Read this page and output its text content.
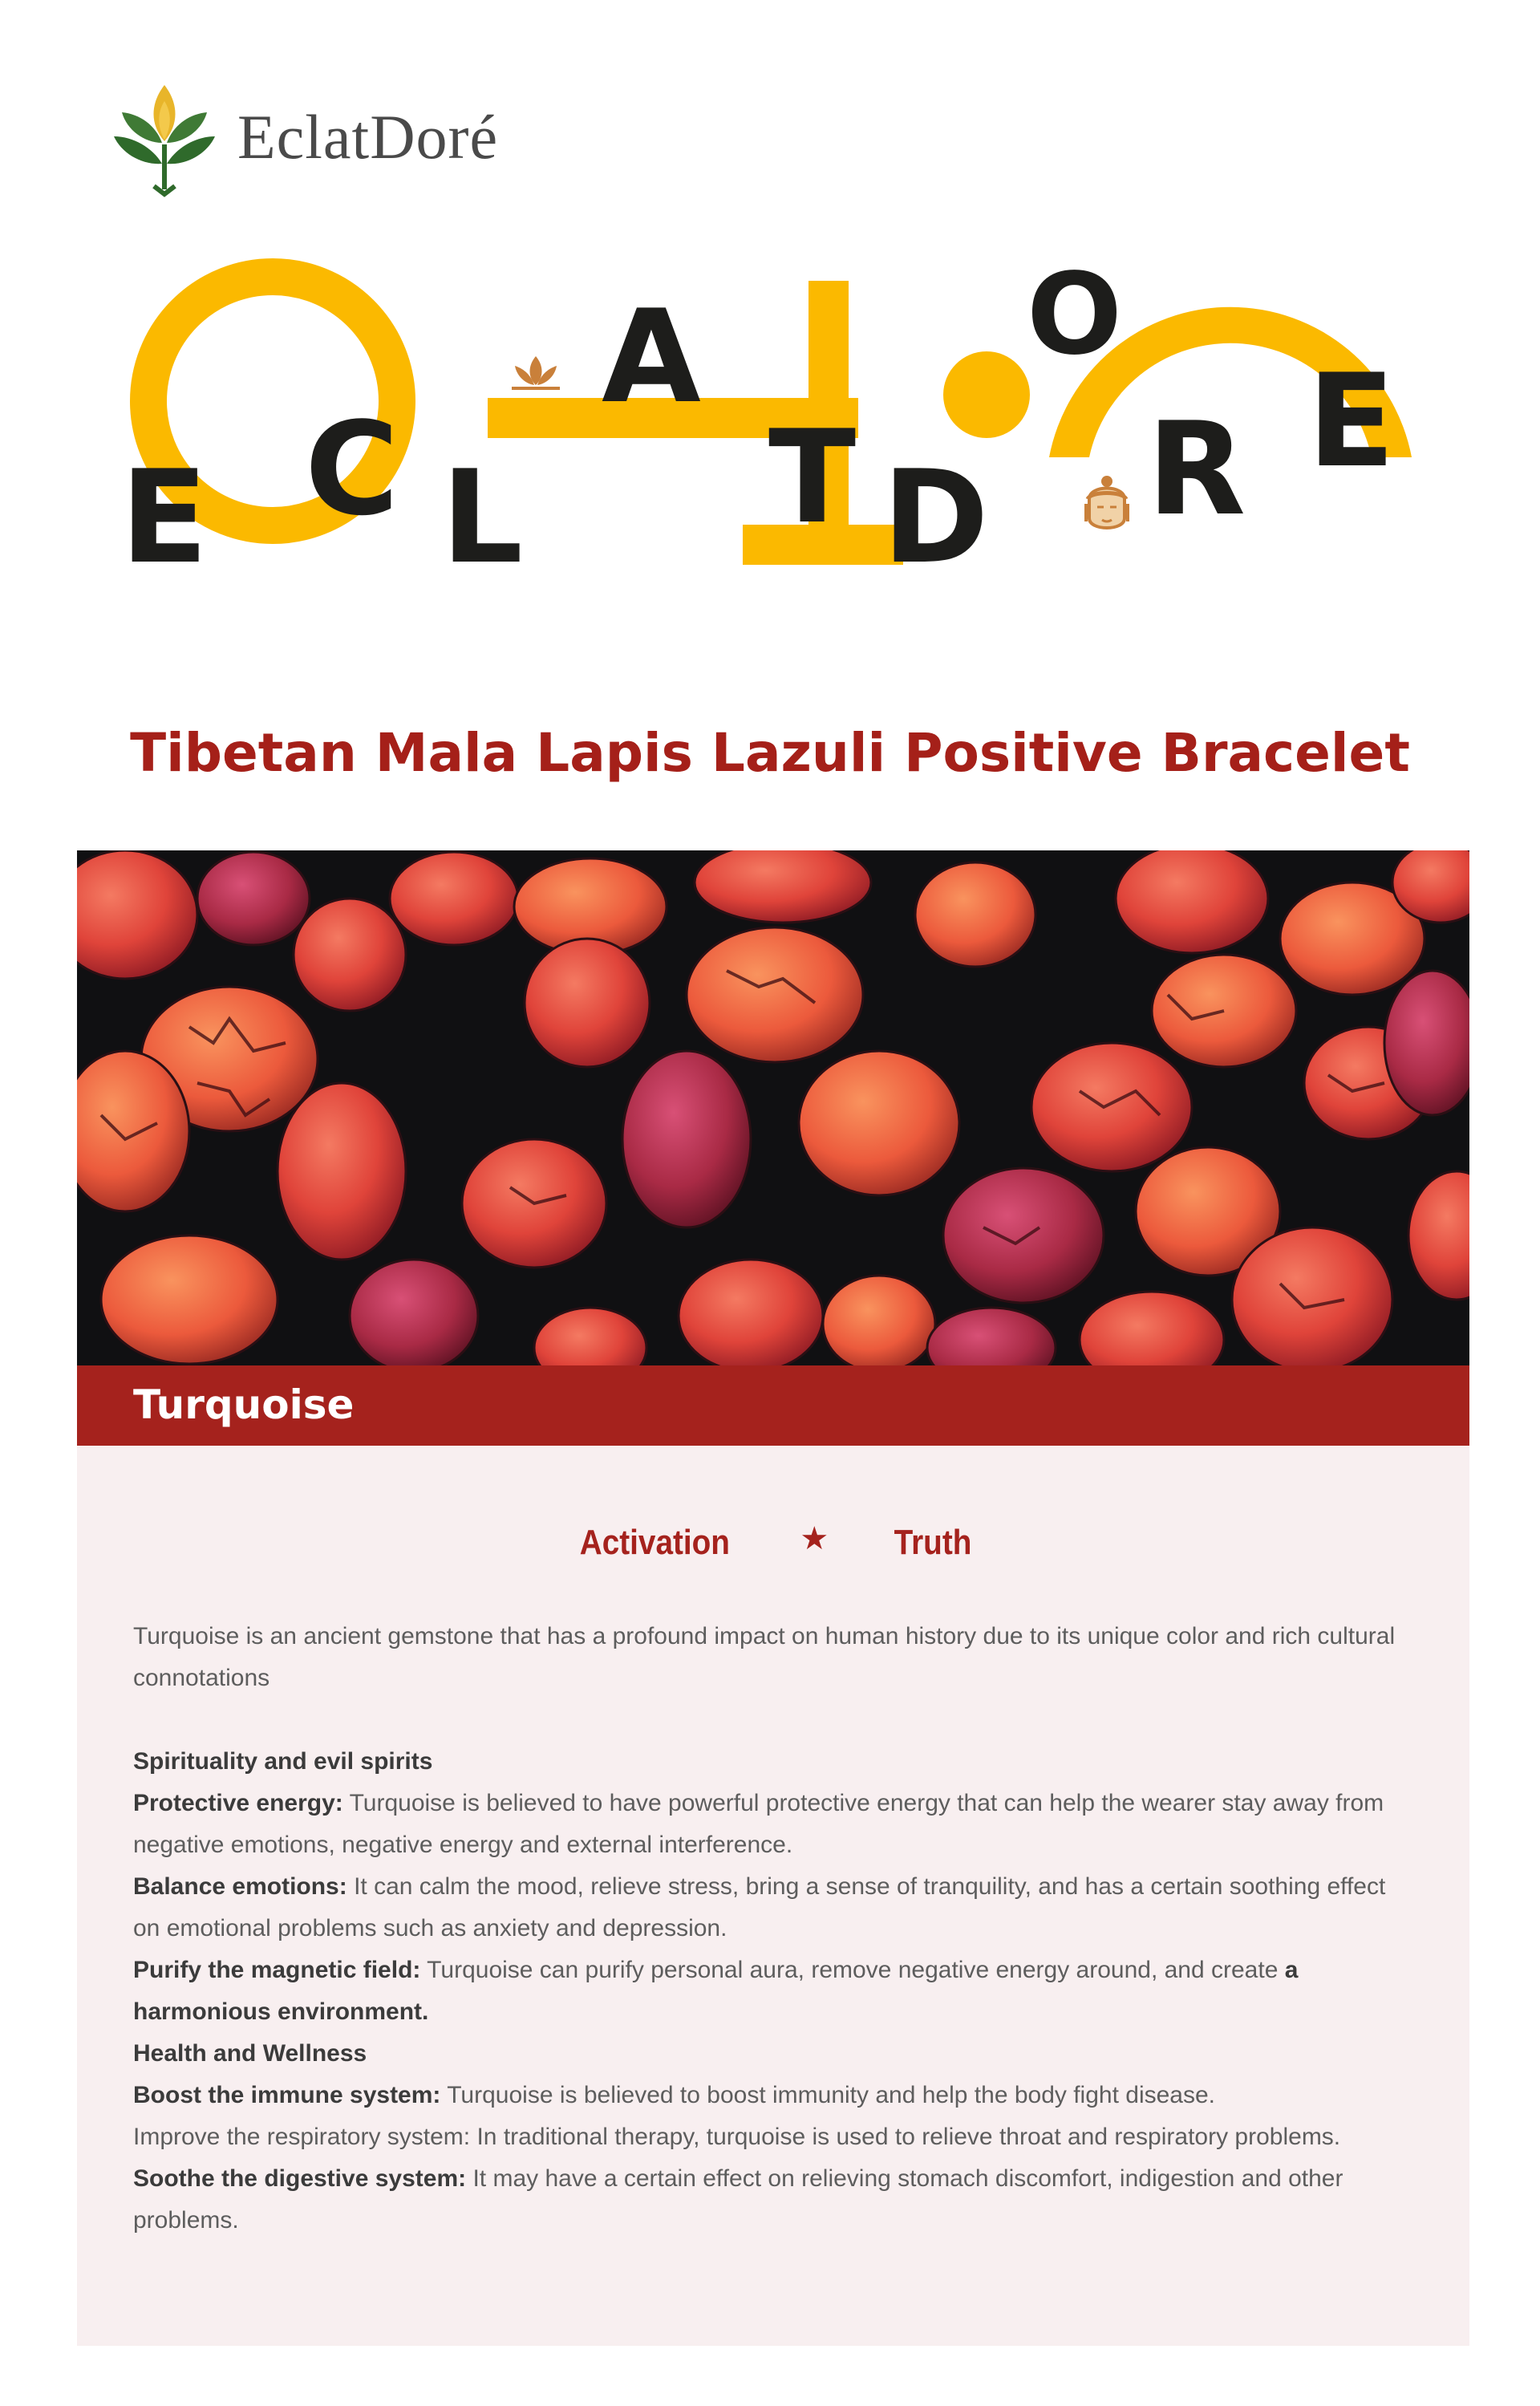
EclatDoré
E C L
A
T D
O
R E
Tibetan Mala Lapis Lazuli Positive Bracelet
Turquoise
Activation ★ Truth

Turquoise is an ancient gemstone that has a profound impact on human history due to its unique color and rich cultural connotations

Spirituality and evil spirits

Protective energy: Turquoise is believed to have powerful protective energy that can help the wearer stay away from negative emotions, negative energy and external interference.

Balance emotions: It can calm the mood, relieve stress, bring a sense of tranquility, and has a certain soothing effect on emotional problems such as anxiety and depression.

Purify the magnetic field: Turquoise can purify personal aura, remove negative energy around, and create a harmonious environment.

Health and Wellness

Boost the immune system: Turquoise is believed to boost immunity and help the body fight disease.

Improve the respiratory system: In traditional therapy, turquoise is used to relieve throat and respiratory problems.

Soothe the digestive system: It may have a certain effect on relieving stomach discomfort, indigestion and other problems.
